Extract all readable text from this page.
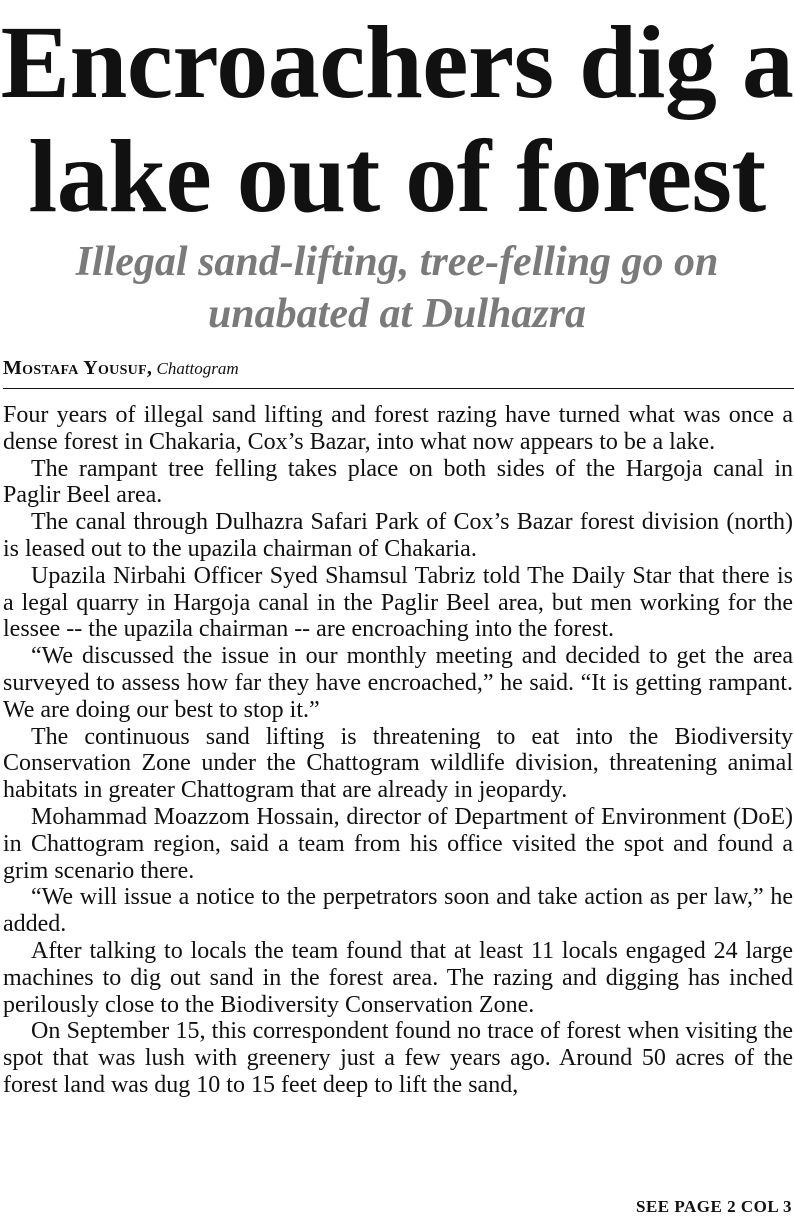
Encroachers dig a lake out of forest
Illegal sand-lifting, tree-felling go on unabated at Dulhazra
Mostafa Yousuf, Chattogram

Four years of illegal sand lifting and forest razing have turned what was once a dense forest in Chakaria, Cox’s Bazar, into what now appears to be a lake.

The rampant tree felling takes place on both sides of the Hargoja canal in Paglir Beel area.

The canal through Dulhazra Safari Park of Cox’s Bazar forest division (north) is leased out to the upazila chairman of Chakaria.

Upazila Nirbahi Officer Syed Shamsul Tabriz told The Daily Star that there is a legal quarry in Hargoja canal in the Paglir Beel area, but men working for the lessee -- the upazila chairman -- are encroaching into the forest.

“We discussed the issue in our monthly meeting and decided to get the area surveyed to assess how far they have encroached,” he said. “It is getting rampant. We are doing our best to stop it.”

The continuous sand lifting is threatening to eat into the Biodiversity Conservation Zone under the Chattogram wildlife division, threatening animal habitats in greater Chattogram that are already in jeopardy.

Mohammad Moazzom Hossain, director of Department of Environment (DoE) in Chattogram region, said a team from his office visited the spot and found a grim scenario there.

“We will issue a notice to the perpetrators soon and take action as per law,” he added.

After talking to locals the team found that at least 11 locals engaged 24 large machines to dig out sand in the forest area. The razing and digging has inched perilously close to the Biodiversity Conservation Zone.

On September 15, this correspondent found no trace of forest when visiting the spot that was lush with greenery just a few years ago. Around 50 acres of the forest land was dug 10 to 15 feet deep to lift the sand,

SEE PAGE 2 COL 3
